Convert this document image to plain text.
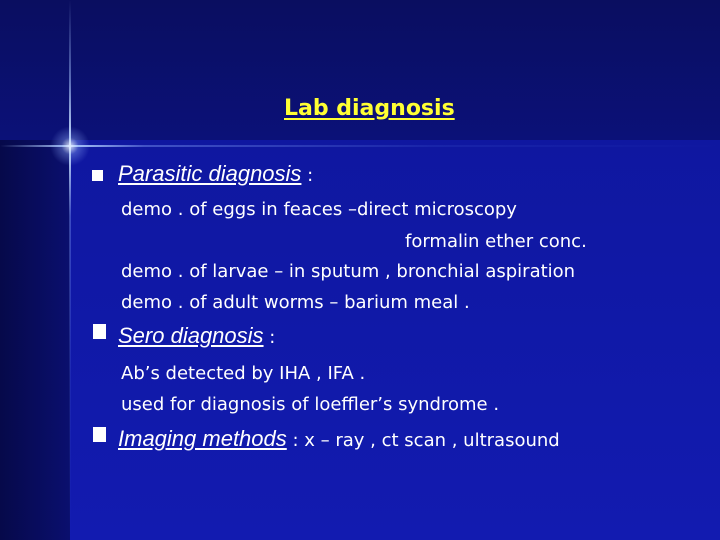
Lab diagnosis
Parasitic diagnosis :
demo . of eggs in feaces –direct microscopy
formalin ether conc.
demo . of larvae – in sputum , bronchial aspiration
demo . of adult worms – barium meal .
Sero diagnosis :
Ab’s detected by IHA , IFA .
used for diagnosis of loeffler’s syndrome .
Imaging methods : x – ray , ct scan , ultrasound
